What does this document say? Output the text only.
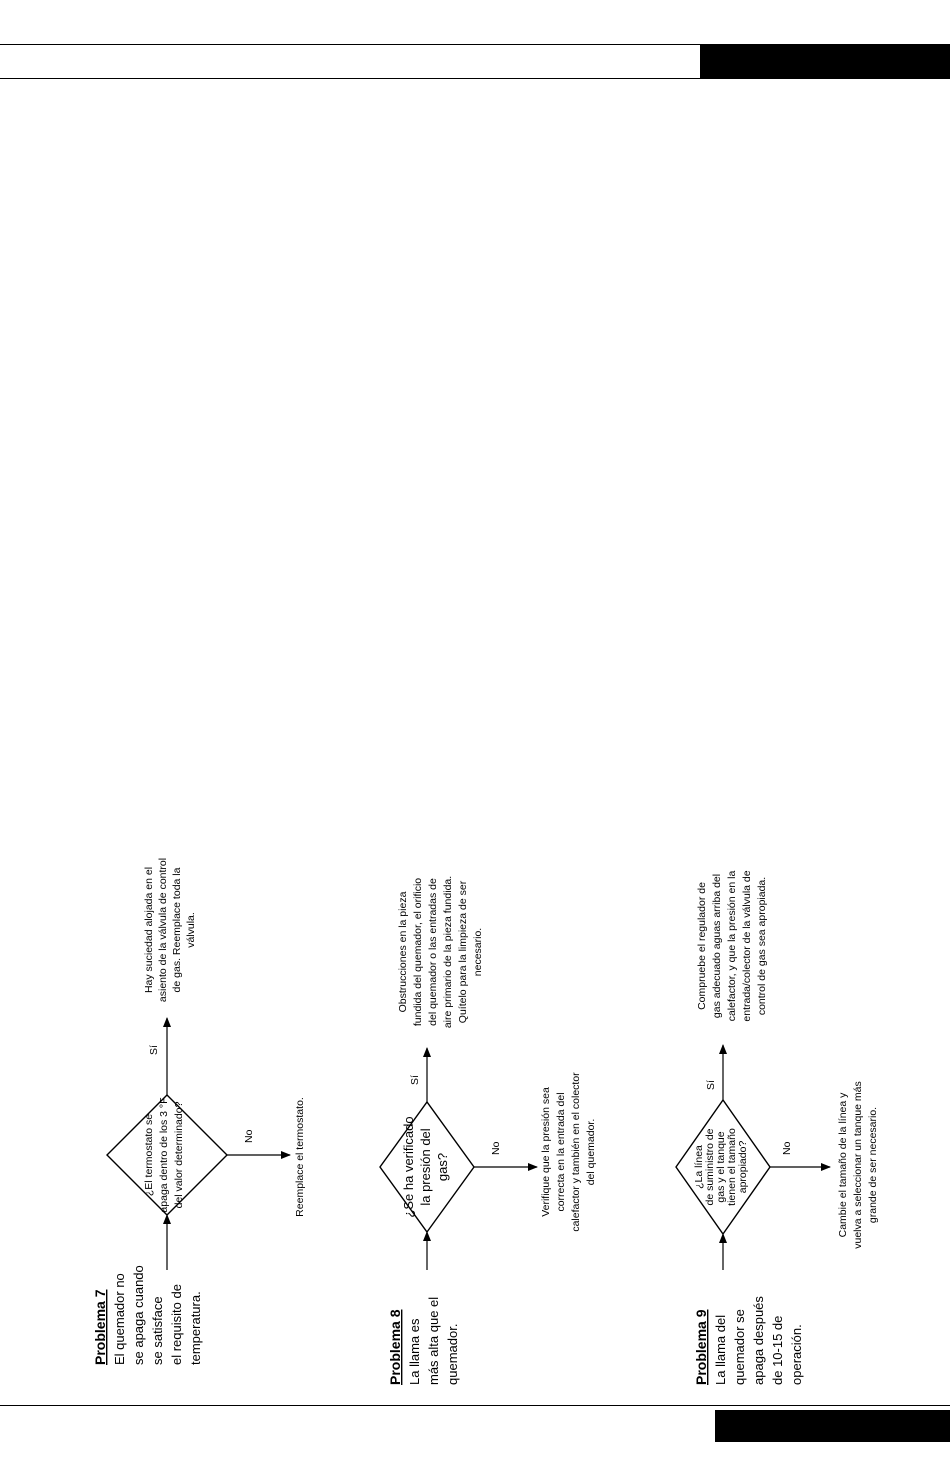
Problema 7 El quemador no se apaga cuando se satisface el requisito de temperatura.
¿El termostato se apaga dentro de los 3 °F del valor determinado?
Sí
No
Hay suciedad alojada en el asiento de la válvula de control de gas. Reemplace toda la válvula.
Reemplace el termostato.
Problema 8 La llama es más alta que el quemador.
¿Se ha verificado la presión del gas?
Sí
No
Obstrucciones en la pieza fundida del quemador, el orificio del quemador o las entradas de aire primario de la pieza fundida. Quítelo para la limpieza de ser necesario.
Verifique que la presión sea correcta en la entrada del calefactor y también en el colector del quemador.
Problema 9 La llama del quemador se apaga después de 10-15 de operación.
¿La línea de suministro de gas y el tanque tienen el tamaño apropiado?
Sí
No
Compruebe el regulador de gas adecuado aguas arriba del calefactor, y que la presión en la entrada/colector de la válvula de control de gas sea apropiada.
Cambie el tamaño de la línea y vuelva a seleccionar un tanque más grande de ser necesario.
